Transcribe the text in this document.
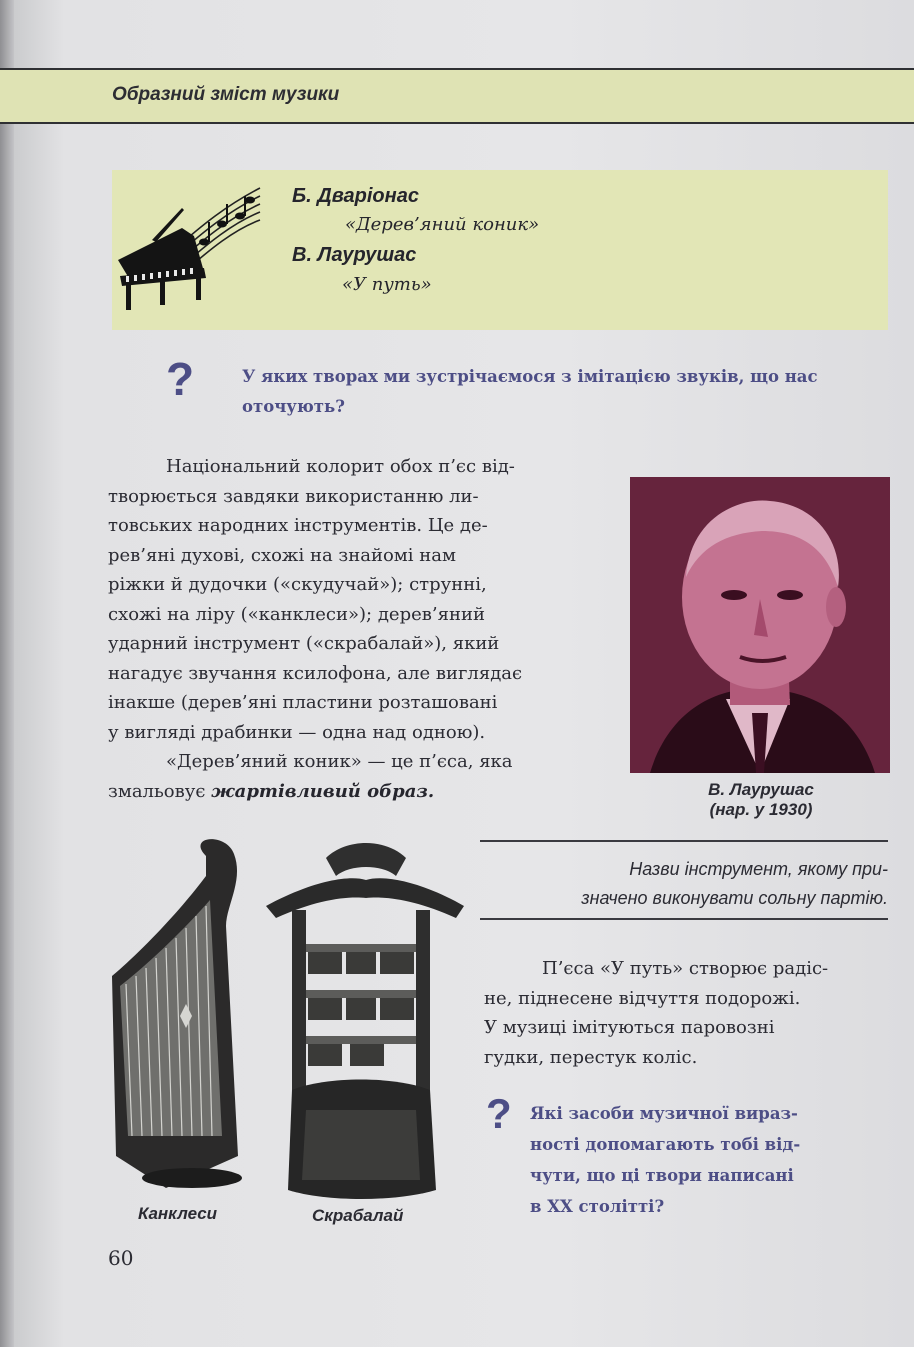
Образний зміст музики
Б. Дваріонас
«Дерев’яний коник»
В. Лаурушас
«У путь»
?	У яких творах ми зустрічаємося з імітацією звуків, що нас
оточують?
Національний колорит обох п’єс від-
творюється завдяки використанню ли-
товських народних інструментів. Це де-
рев’яні духові, схожі на знайомі нам
ріжки й дудочки («скудучай»); струнні,
схожі на ліру («канклеси»); дерев’яний
ударний інструмент («скрабалай»), який
нагадує звучання ксилофона, але виглядає
інакше (дерев’яні пластини розташовані
у вигляді драбинки — одна над одною).
«Дерев’яний коник» — це п’єса, яка
змальовує жартівливий образ.	В. Лаурушас
(нар. у 1930)
Назви інструмент, якому при-
значено виконувати сольну партію.
П’єса «У путь» створює радіс-
не, піднесене відчуття подорожі.
У музиці імітуються паровозні
гудки, перестук коліс.
? Які засоби музичної вираз-
ності допомагають тобі від-
чути, що ці твори написані
в XX столітті?
Канклеси	Скрабалай
60
